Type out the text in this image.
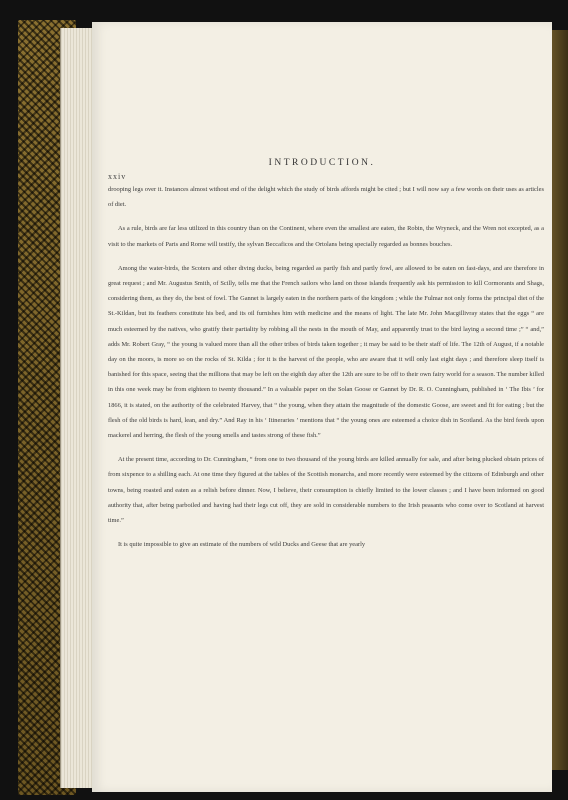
xxiv
INTRODUCTION.

drooping legs over it. Instances almost without end of the delight which the study of birds affords might be cited ; but I will now say a few words on their uses as articles of diet.

As a rule, birds are far less utilized in this country than on the Continent, where even the smallest are eaten, the Robin, the Wryneck, and the Wren not excepted, as a visit to the markets of Paris and Rome will testify, the sylvan Beccaficos and the Ortolans being specially regarded as bonnes bouches.

Among the water-birds, the Scoters and other diving ducks, being regarded as partly fish and partly fowl, are allowed to be eaten on fast-days, and are therefore in great request ; and Mr. Augustus Smith, of Scilly, tells me that the French sailors who land on those islands frequently ask his permission to kill Cormorants and Shags, considering them, as they do, the best of fowl. The Gannet is largely eaten in the northern parts of the kingdom ; while the Fulmar not only forms the principal diet of the St.-Kildan, but its feathers constitute his bed, and its oil furnishes him with medicine and the means of light. The late Mr. John Macgillivray states that the eggs “ are much esteemed by the natives, who gratify their partiality by robbing all the nests in the mouth of May, and apparently trust to the bird laying a second time ;” “ and,” adds Mr. Robert Gray, “ the young is valued more than all the other tribes of birds taken together ; it may be said to be their staff of life. The 12th of August, if a notable day on the moors, is more so on the rocks of St. Kilda ; for it is the harvest of the people, who are aware that it will only last eight days ; and therefore sleep itself is banished for this space, seeing that the millions that may be left on the eighth day after the 12th are sure to be off to their own fairy world for a season. The number killed in this one week may be from eighteen to twenty thousand.” In a valuable paper on the Solan Goose or Gannet by Dr. R. O. Cunningham, published in ‘ The Ibis ’ for 1866, it is stated, on the authority of the celebrated Harvey, that “ the young, when they attain the magnitude of the domestic Goose, are sweet and fit for eating ; but the flesh of the old birds is hard, lean, and dry.” And Ray in his ‘ Itineraries ’ mentions that “ the young ones are esteemed a choice dish in Scotland. As the bird feeds upon mackerel and herring, the flesh of the young smells and tastes strong of these fish.”

At the present time, according to Dr. Cunningham, “ from one to two thousand of the young birds are killed annually for sale, and after being plucked obtain prices of from sixpence to a shilling each. At one time they figured at the tables of the Scottish monarchs, and more recently were esteemed by the citizens of Edinburgh and other towns, being roasted and eaten as a relish before dinner. Now, I believe, their consumption is chiefly limited to the lower classes ; and I have been informed on good authority that, after being parboiled and having had their legs cut off, they are sold in considerable numbers to the Irish peasants who come over to Scotland at harvest time.”

It is quite impossible to give an estimate of the numbers of wild Ducks and Geese that are yearly
